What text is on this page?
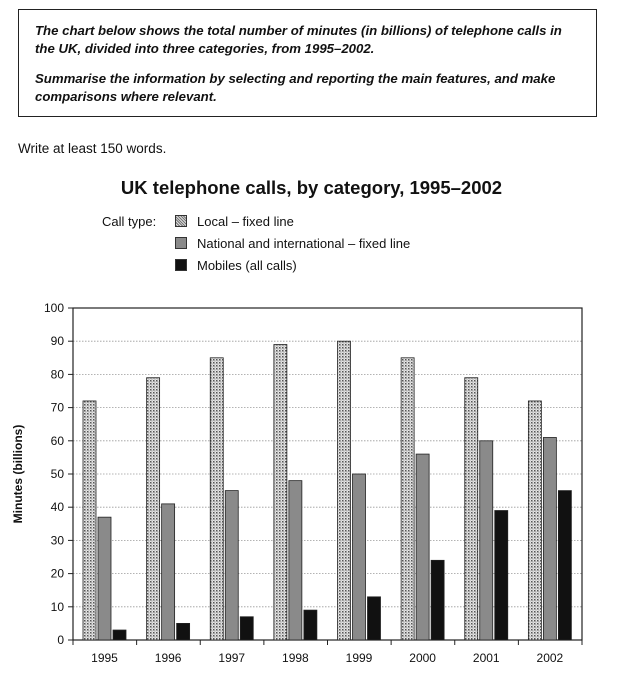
The chart below shows the total number of minutes (in billions) of telephone calls in the UK, divided into three categories, from 1995–2002.

Summarise the information by selecting and reporting the main features, and make comparisons where relevant.

Write at least 150 words.

UK telephone calls, by category, 1995–2002
Call type:	Local – fixed line
National and international – fixed line
Mobiles (all calls)
0
10
20
30
40
50
60
70
80
90
100
Minutes (billions)
1995	1996	1997	1998	1999	2000	2001	2002
